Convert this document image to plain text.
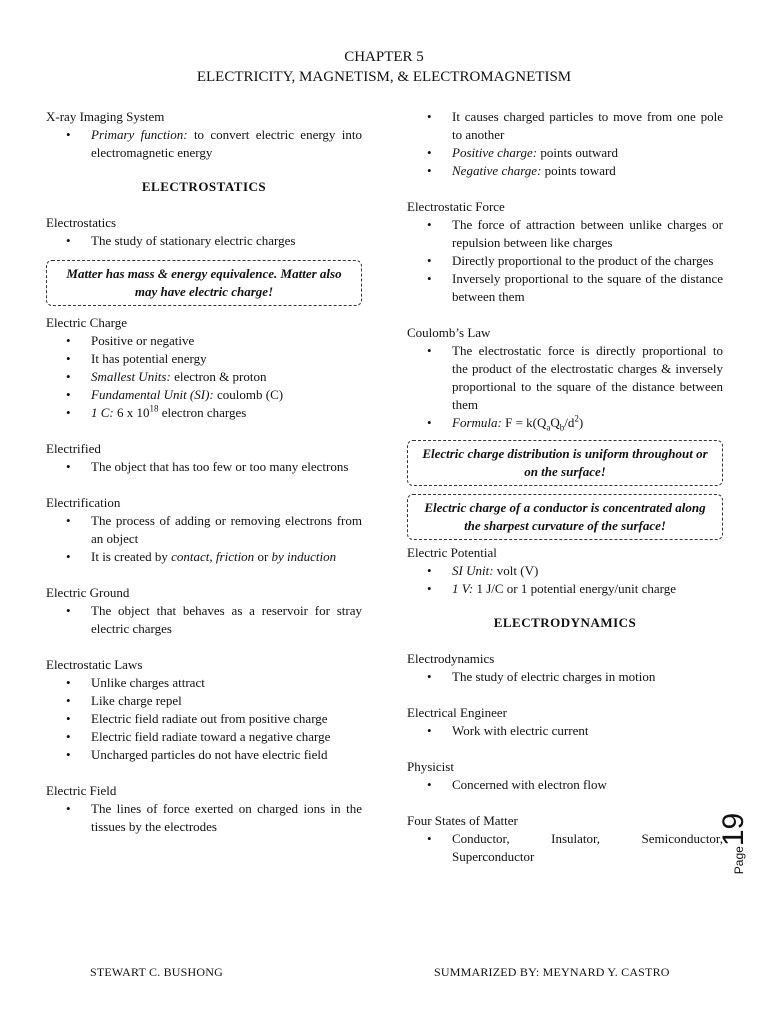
CHAPTER 5
ELECTRICITY, MAGNETISM, & ELECTROMAGNETISM
X-ray Imaging System
• Primary function: to convert electric energy into electromagnetic energy
ELECTROSTATICS
Electrostatics
• The study of stationary electric charges
Matter has mass & energy equivalence. Matter also may have electric charge!
Electric Charge
• Positive or negative
• It has potential energy
• Smallest Units: electron & proton
• Fundamental Unit (SI): coulomb (C)
• 1 C: 6 x $10^{18}$ electron charges
Electrified
• The object that has too few or too many electrons
Electrification
• The process of adding or removing electrons from an object
• It is created by contact, friction or by induction
Electric Ground
• The object that behaves as a reservoir for stray electric charges
Electrostatic Laws
• Unlike charges attract
• Like charge repel
• Electric field radiate out from positive charge
• Electric field radiate toward a negative charge
• Uncharged particles do not have electric field
Electric Field
• The lines of force exerted on charged ions in the tissues by the electrodes
• It causes charged particles to move from one pole to another
• Positive charge: points outward
• Negative charge: points toward
Electrostatic Force
• The force of attraction between unlike charges or repulsion between like charges
• Directly proportional to the product of the charges
• Inversely proportional to the square of the distance between them
Coulomb’s Law
• The electrostatic force is directly proportional to the product of the electrostatic charges & inversely proportional to the square of the distance between them
• Formula: $F = k(Q_aQ_b/d^2)$
Electric charge distribution is uniform throughout or on the surface!
Electric charge of a conductor is concentrated along the sharpest curvature of the surface!
Electric Potential
• SI Unit: volt (V)
• 1 V: 1 J/C or 1 potential energy/unit charge
ELECTRODYNAMICS
Electrodynamics
• The study of electric charges in motion
Electrical Engineer
• Work with electric current
Physicist
• Concerned with electron flow
Four States of Matter
• Conductor, Insulator, Semiconductor, Superconductor	Page19
STEWART C. BUSHONG	SUMMARIZED BY: MEYNARD Y. CASTRO
